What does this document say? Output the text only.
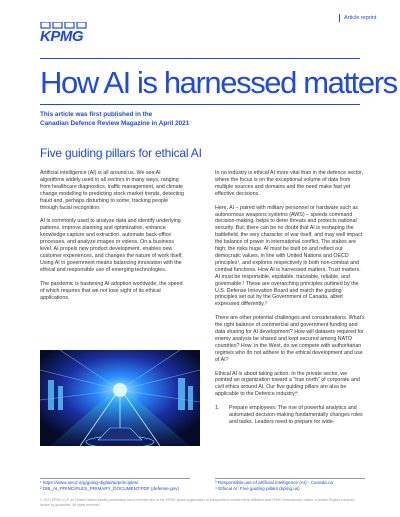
Article reprint
KPMG
How AI is harnessed matters
This article was first published in the
Canadian Defence Review Magazine in April 2021
Five guiding pillars for ethical AI

Artificial intelligence (AI) is all around us. We see AI algorithms widely used in all sectors in many ways, ranging from healthcare diagnostics, traffic management, and climate change modelling to predicting stock market trends, detecting fraud and, perhaps disturbing to some, tracking people through facial recognition.

AI is commonly used to analyze data and identify underlying patterns, improve planning and optimization, enhance knowledge capture and extraction, automate back-office processes, and analyze images or videos. On a business level, AI propels new product development, enables new customer experiences, and changes the nature of work itself. Using AI in government means balancing innovation with the ethical and responsible use of emerging technologies.

The pandemic is hastening AI adoption worldwide, the speed of which requires that we not lose sight of its ethical applications.

In no industry is ethical AI more vital than in the defence sector, where the focus is on the exceptional volume of data from multiple sources and domains and the need make fast yet effective decisions.

Here, AI – paired with military personnel or hardware such as autonomous weapons systems (AWS) – speeds command decision-making, helps to deter threats and protects national security. But, there can be no doubt that AI is reshaping the battlefield, the very character of war itself, and may well impact the balance of power in international conflict. The stakes are high; the risks huge. AI must be built on and reflect our democratic values, in line with United Nations and OECD principles¹, and explores respectively in both non-combat and combat functions. How AI is harnessed matters. Trust matters. AI must be responsible, equitable, traceable, reliable, and governable.² These are overarching principles outlined by the U.S. Defense Innovation Board and match the guiding principles set out by the Government of Canada, albeit expressed differently.³

There are other potential challenges and considerations. What's the right balance of commercial and government funding and data sharing for AI development? How will datasets required for enemy analysis be shared and kept secured among NATO countries? How, in the West, do we compete with authoritarian regimes who do not adhere to the ethical development and use of AI?

Ethical AI is about taking action. In the private sector, we pointed an organization toward a "true north" of corporate and civil ethics around AI. Our five guiding pillars are also be applicable to the Defence industry⁴:

1.	Prepare employees: The rise of powerful analytics and automated decision-making fundamentally changes roles and tasks. Leaders need to prepare for wide-
¹ https://www.oecd.org/going-digital/ai/principles/
² DIB_AI_PRINCIPLES_PRIMARY_DOCUMENT.PDF (defense.gov)
³ Responsible use of artificial intelligence (AI) - Canada.ca
⁴ Ethical AI: Five guiding pillars (kpmg.us)
© 2021 KPMG LLP, an Ontario limited liability partnership and a member firm of the KPMG global organization of independent member firms affiliated with KPMG International Limited, a private English company limited by guarantee. All rights reserved.
